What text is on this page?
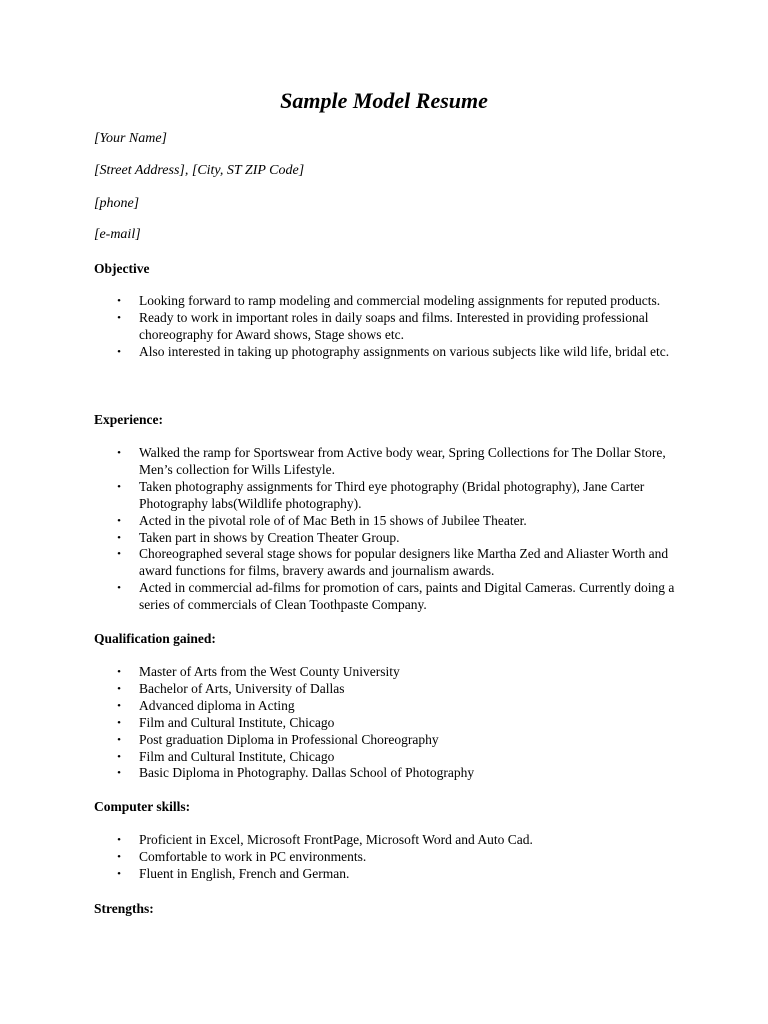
Sample Model Resume
[Your Name]
[Street Address], [City, ST ZIP Code]
[phone]
[e-mail]
Objective
•	Looking forward to ramp modeling and commercial modeling assignments for reputed products.
•	Ready to work in important roles in daily soaps and films. Interested in providing professional choreography for Award shows, Stage shows etc.
•	Also interested in taking up photography assignments on various subjects like wild life, bridal etc.
Experience:
•	Walked the ramp for Sportswear from Active body wear, Spring Collections for The Dollar Store, Men’s collection for Wills Lifestyle.
•	Taken photography assignments for Third eye photography (Bridal photography), Jane Carter Photography labs(Wildlife photography).
•	Acted in the pivotal role of of Mac Beth in 15 shows of Jubilee Theater.
•	Taken part in shows by Creation Theater Group.
•	Choreographed several stage shows for popular designers like Martha Zed and Aliaster Worth and award functions for films, bravery awards and journalism awards.
•	Acted in commercial ad-films for promotion of cars, paints and Digital Cameras. Currently doing a series of commercials of Clean Toothpaste Company.
Qualification gained:
•	Master of Arts from the West County University
•	Bachelor of Arts, University of Dallas
•	Advanced diploma in Acting
•	Film and Cultural Institute, Chicago
•	Post graduation Diploma in Professional Choreography
•	Film and Cultural Institute, Chicago
•	Basic Diploma in Photography. Dallas School of Photography
Computer skills:
•	Proficient in Excel, Microsoft FrontPage, Microsoft Word and Auto Cad.
•	Comfortable to work in PC environments.
•	Fluent in English, French and German.
Strengths:
